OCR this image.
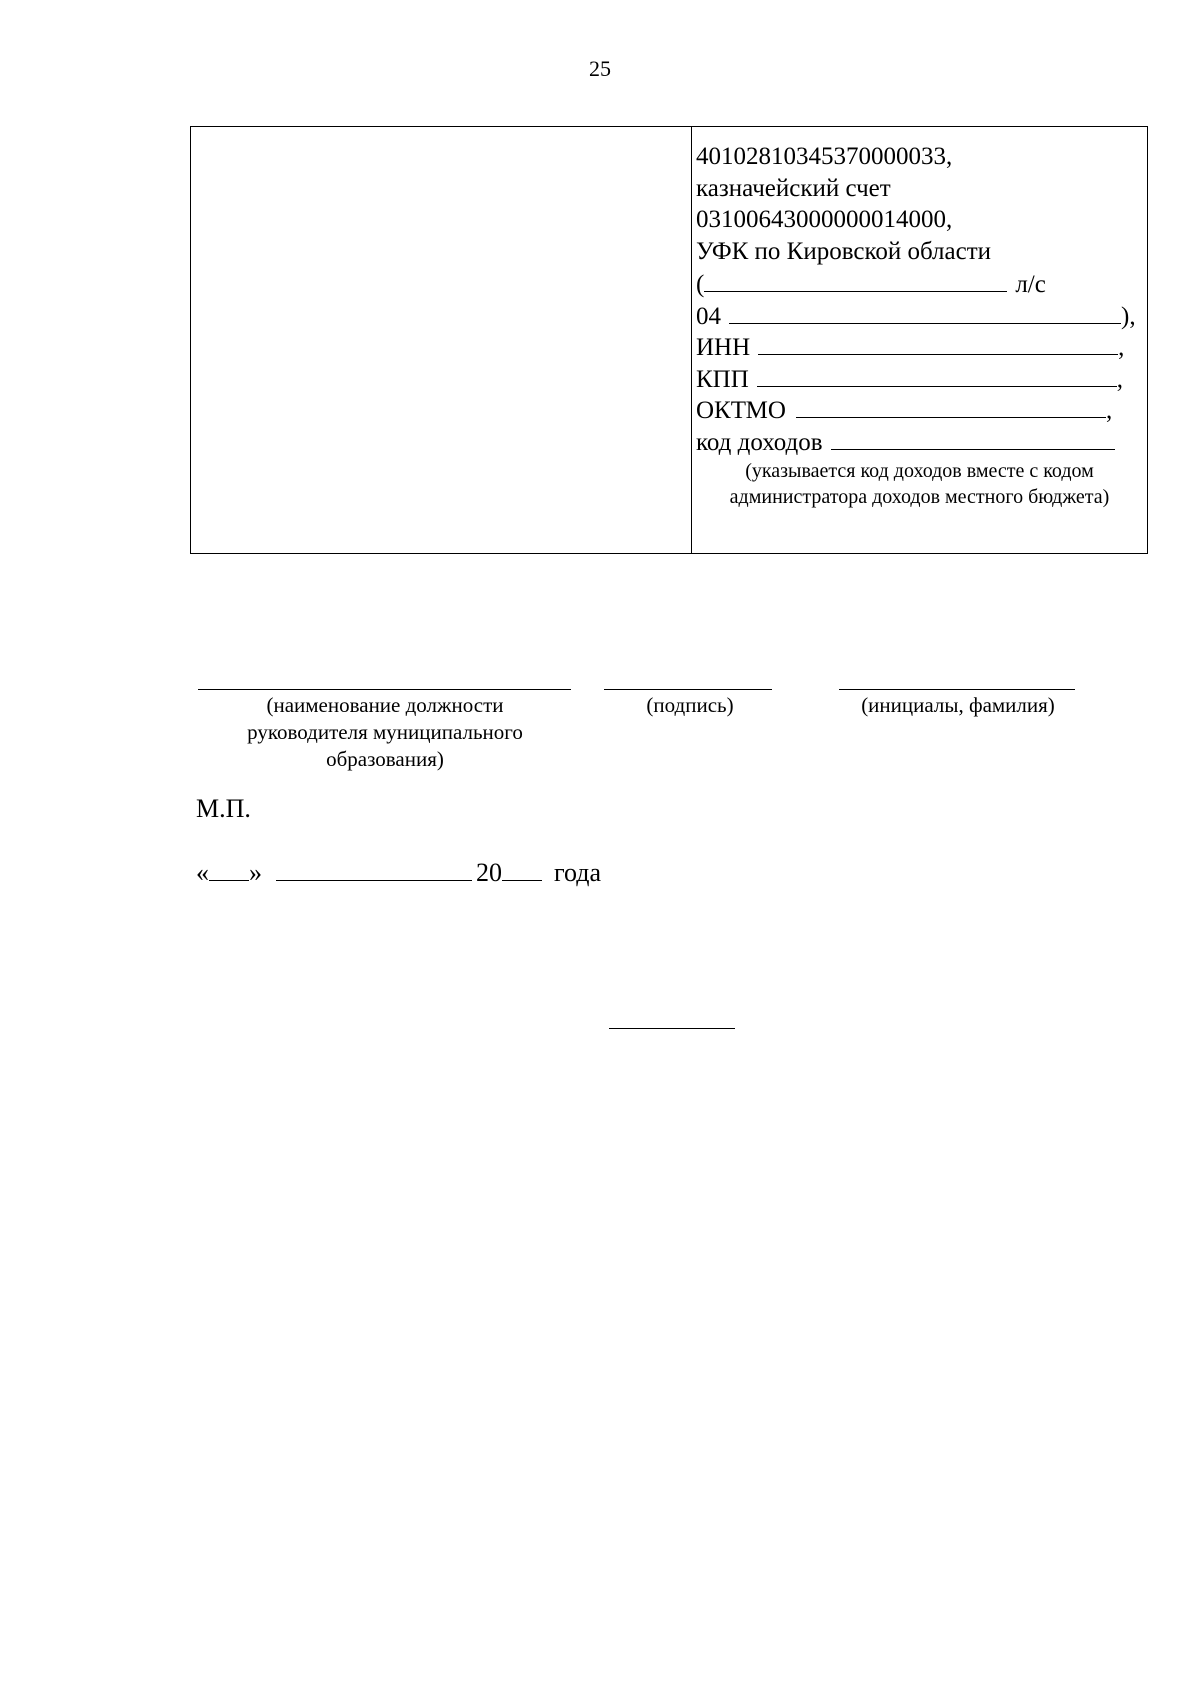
25
40102810345370000033,
казначейский счет
03100643000000014000,
УФК по Кировской области
(	л/с
04	),
ИНН	,
КПП	,
ОКТМО	,
код доходов
(указывается код доходов вместе с кодом администратора доходов местного бюджета)
(наименование должности руководителя муниципального образования)
(подпись)	(инициалы, фамилия)
М.П.
« »	20 года
